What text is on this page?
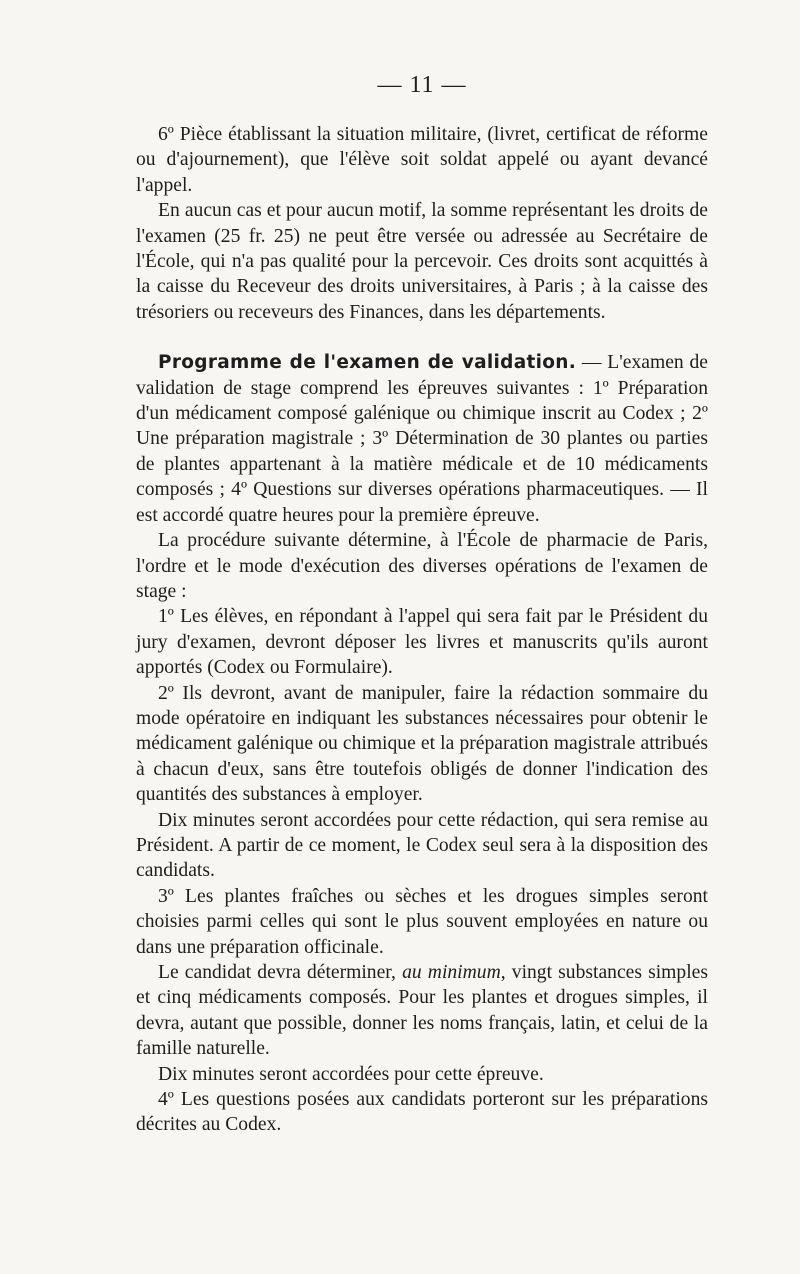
— 11 —

6º Pièce établissant la situation militaire, (livret, certificat de réforme ou d'ajournement), que l'élève soit soldat appelé ou ayant devancé l'appel.

En aucun cas et pour aucun motif, la somme représentant les droits de l'examen (25 fr. 25) ne peut être versée ou adressée au Secrétaire de l'École, qui n'a pas qualité pour la percevoir. Ces droits sont acquittés à la caisse du Receveur des droits universitaires, à Paris ; à la caisse des trésoriers ou receveurs des Finances, dans les départements.

Programme de l'examen de validation. — L'examen de validation de stage comprend les épreuves suivantes : 1º Préparation d'un médicament composé galénique ou chimique inscrit au Codex ; 2º Une préparation magistrale ; 3º Détermination de 30 plantes ou parties de plantes appartenant à la matière médicale et de 10 médicaments composés ; 4º Questions sur diverses opérations pharmaceutiques. — Il est accordé quatre heures pour la première épreuve.

La procédure suivante détermine, à l'École de pharmacie de Paris, l'ordre et le mode d'exécution des diverses opérations de l'examen de stage :

1º Les élèves, en répondant à l'appel qui sera fait par le Président du jury d'examen, devront déposer les livres et manuscrits qu'ils auront apportés (Codex ou Formulaire).

2º Ils devront, avant de manipuler, faire la rédaction sommaire du mode opératoire en indiquant les substances nécessaires pour obtenir le médicament galénique ou chimique et la préparation magistrale attribués à chacun d'eux, sans être toutefois obligés de donner l'indication des quantités des substances à employer.

Dix minutes seront accordées pour cette rédaction, qui sera remise au Président. A partir de ce moment, le Codex seul sera à la disposition des candidats.

3º Les plantes fraîches ou sèches et les drogues simples seront choisies parmi celles qui sont le plus souvent employées en nature ou dans une préparation officinale.

Le candidat devra déterminer, au minimum, vingt substances simples et cinq médicaments composés. Pour les plantes et drogues simples, il devra, autant que possible, donner les noms français, latin, et celui de la famille naturelle.

Dix minutes seront accordées pour cette épreuve.

4º Les questions posées aux candidats porteront sur les préparations décrites au Codex.
